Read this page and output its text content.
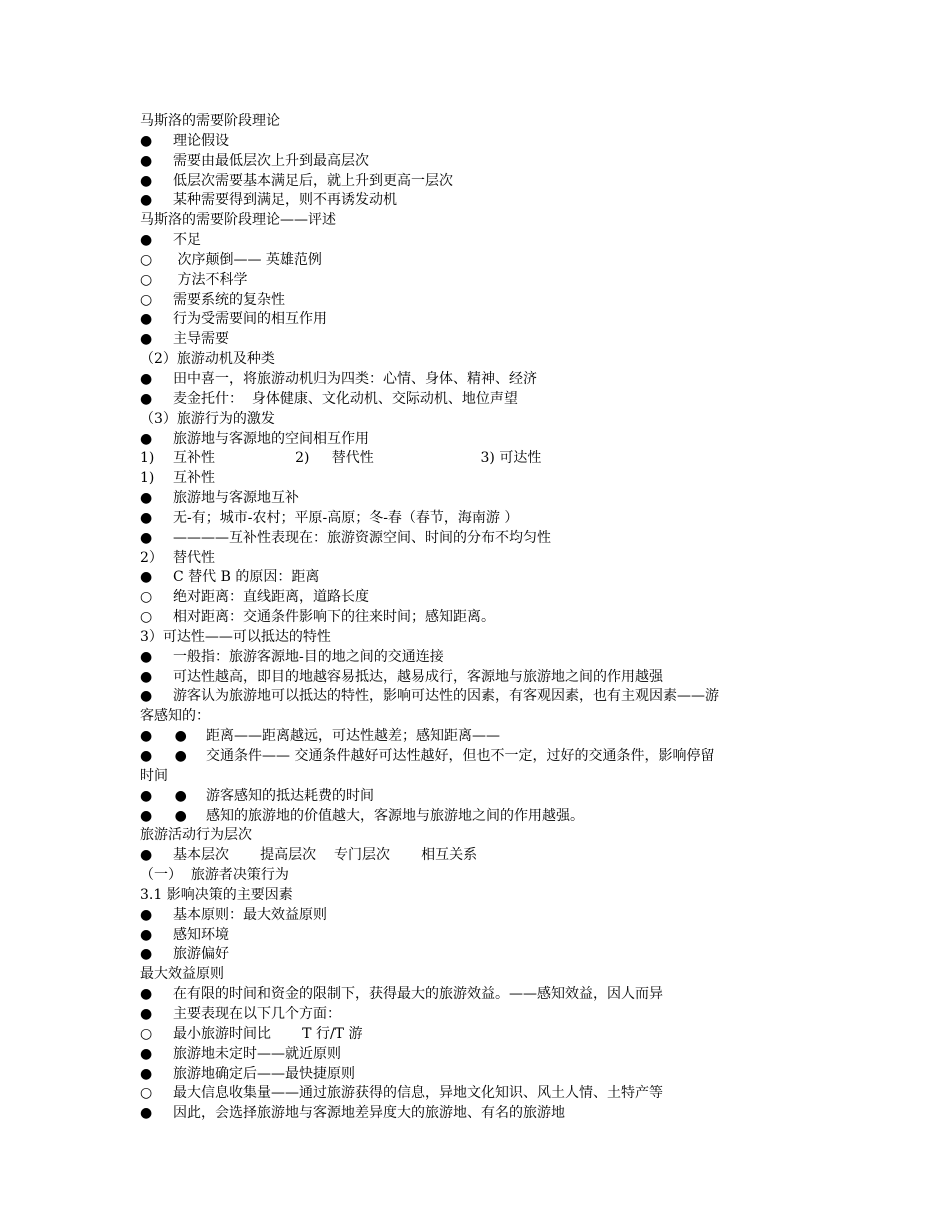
马斯洛的需要阶段理论
● 理论假设
● 需要由最低层次上升到最高层次
● 低层次需要基本满足后，就上升到更高一层次
● 某种需要得到满足，则不再诱发动机
马斯洛的需要阶段理论——评述
● 不足
○ 次序颠倒—— 英雄范例
○ 方法不科学
○ 需要系统的复杂性
● 行为受需要间的相互作用
● 主导需要
（2）旅游动机及种类
● 田中喜一，将旅游动机归为四类：心情、身体、精神、经济
● 麦金托什：  身体健康、文化动机、交际动机、地位声望
（3）旅游行为的激发
● 旅游地与客源地的空间相互作用
1) 互补性                  2)     替代性                        3) 可达性
1) 互补性
● 旅游地与客源地互补
● 无-有；城市-农村；平原-高原；冬-春（春节，海南游 ）
● ————互补性表现在：旅游资源空间、时间的分布不均匀性
2） 替代性
● C 替代 B 的原因：距离
○ 绝对距离：直线距离，道路长度
○ 相对距离：交通条件影响下的往来时间；感知距离。
3）可达性——可以抵达的特性
● 一般指：旅游客源地-目的地之间的交通连接
● 可达性越高，即目的地越容易抵达，越易成行，客源地与旅游地之间的作用越强
● 游客认为旅游地可以抵达的特性，影响可达性的因素，有客观因素，也有主观因素——游
客感知的：
● ● 距离——距离越远，可达性越差；感知距离——
● ● 交通条件—— 交通条件越好可达性越好，但也不一定，过好的交通条件，影响停留
时间
● ● 游客感知的抵达耗费的时间
● ● 感知的旅游地的价值越大，客源地与旅游地之间的作用越强。
旅游活动行为层次
● 基本层次       提高层次    专门层次       相互关系
（一）  旅游者决策行为
3.1 影响决策的主要因素
● 基本原则：最大效益原则
● 感知环境
● 旅游偏好
最大效益原则
● 在有限的时间和资金的限制下，获得最大的旅游效益。——感知效益，因人而异
● 主要表现在以下几个方面：
○ 最小旅游时间比       T 行/T 游
● 旅游地未定时——就近原则
● 旅游地确定后——最快捷原则
○ 最大信息收集量——通过旅游获得的信息，异地文化知识、风土人情、土特产等
● 因此，会选择旅游地与客源地差异度大的旅游地、有名的旅游地
